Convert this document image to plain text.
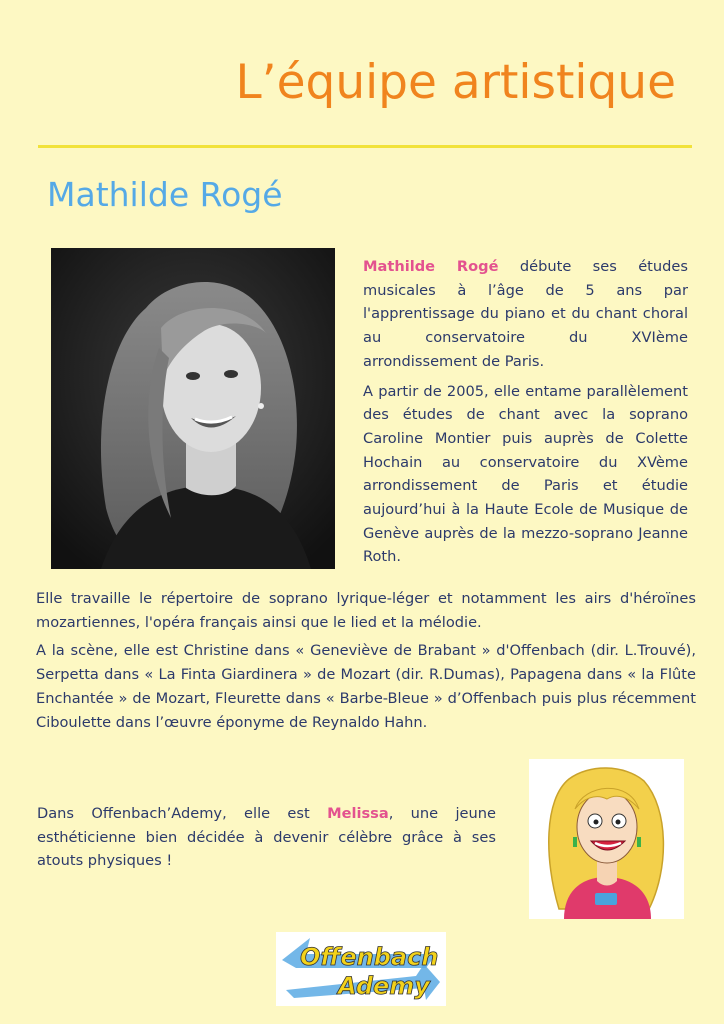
L’équipe artistique
Mathilde Rogé

Mathilde Rogé débute ses études musicales à l’âge de 5 ans par l'apprentissage du piano et du chant choral au conservatoire du XVIème arrondissement de Paris.

A partir de 2005, elle entame parallèlement des études de chant avec la soprano Caroline Montier puis auprès de Colette Hochain au conservatoire du XVème arrondissement de Paris et étudie aujourd’hui à la Haute Ecole de Musique de Genève auprès de la mezzo-soprano Jeanne Roth.

Elle travaille le répertoire de soprano lyrique-léger et notamment les airs d'héroïnes mozartiennes, l'opéra français ainsi que le lied et la mélodie.

A la scène, elle est Christine dans « Geneviève de Brabant » d'Offenbach (dir. L.Trouvé), Serpetta dans « La Finta Giardinera » de Mozart (dir. R.Dumas), Papagena dans « la Flûte Enchantée » de Mozart, Fleurette dans « Barbe-Bleue » d’Offenbach puis plus récemment Ciboulette dans l’œuvre éponyme de Reynaldo Hahn.

Dans Offenbach’Ademy, elle est Melissa, une jeune esthéticienne bien décidée à devenir célèbre grâce à ses atouts physiques !

Offenbach
Ademy
